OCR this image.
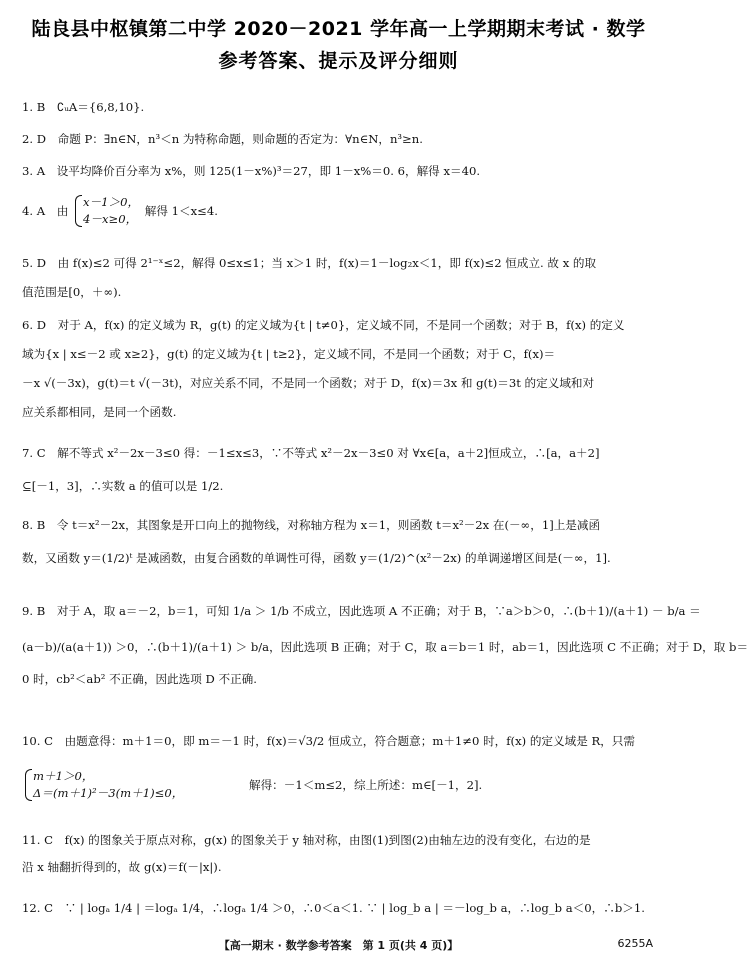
陆良县中枢镇第二中学 2020－2021 学年高一上学期期末考试 · 数学
参考答案、提示及评分细则
1. B　∁ᵤA＝{6,8,10}.
2. D　命题 P：∃n∈N，n³＜n 为特称命题，则命题的否定为：∀n∈N，n³≥n.
3. A　设平均降价百分率为 x%，则 125(1－x%)³＝27，即 1－x%＝0. 6，解得 x＝40.
4. A　由
x－1＞0，
4－x≥0，
解得 1＜x≤4.
5. D　由 f(x)≤2 可得 2¹⁻ˣ≤2，解得 0≤x≤1；当 x＞1 时，f(x)＝1－log₂x＜1，即 f(x)≤2 恒成立. 故 x 的取
值范围是[0，＋∞).
6. D　对于 A，f(x) 的定义域为 R，g(t) 的定义域为{t | t≠0}，定义域不同，不是同一个函数；对于 B，f(x) 的定义
域为{x | x≤－2 或 x≥2}，g(t) 的定义域为{t | t≥2}，定义域不同，不是同一个函数；对于 C，f(x)＝
－x √(－3x)，g(t)＝t √(－3t)，对应关系不同，不是同一个函数；对于 D，f(x)＝3x 和 g(t)＝3t 的定义域和对
应关系都相同，是同一个函数.
7. C　解不等式 x²－2x－3≤0 得：－1≤x≤3，∵不等式 x²－2x－3≤0 对 ∀x∈[a，a＋2]恒成立，∴[a，a＋2]
⊆[－1，3]，∴实数 a 的值可以是 1/2.
8. B　令 t＝x²－2x，其图象是开口向上的抛物线，对称轴方程为 x＝1，则函数 t＝x²－2x 在(－∞，1]上是减函
数，又函数 y＝(1/2)ᵗ 是减函数，由复合函数的单调性可得，函数 y＝(1/2)^(x²－2x) 的单调递增区间是(－∞，1].
9. B　对于 A，取 a＝－2，b＝1，可知 1/a ＞ 1/b 不成立，因此选项 A 不正确；对于 B，∵a＞b＞0，∴(b＋1)/(a＋1) － b/a ＝
(a－b)/(a(a＋1)) ＞0，∴(b＋1)/(a＋1) ＞ b/a，因此选项 B 正确；对于 C，取 a＝b＝1 时，ab＝1，因此选项 C 不正确；对于 D，取 b＝
0 时，cb²＜ab² 不正确，因此选项 D 不正确.
10. C　由题意得：m＋1＝0，即 m＝－1 时，f(x)＝√3/2 恒成立，符合题意；m＋1≠0 时，f(x) 的定义域是 R，只需
m＋1＞0，
Δ＝(m＋1)²－3(m＋1)≤0，
解得：－1＜m≤2，综上所述：m∈[－1，2].
11. C　f(x) 的图象关于原点对称，g(x) 的图象关于 y 轴对称，由图(1)到图(2)由轴左边的没有变化，右边的是
沿 x 轴翻折得到的，故 g(x)＝f(－|x|).
12. C　∵ | logₐ 1/4 | ＝logₐ 1/4，∴logₐ 1/4 ＞0，∴0＜a＜1. ∵ | log_b a | ＝－log_b a，∴log_b a＜0，∴b＞1.
【高一期末 · 数学参考答案　第 1 页(共 4 页)】	6255A
